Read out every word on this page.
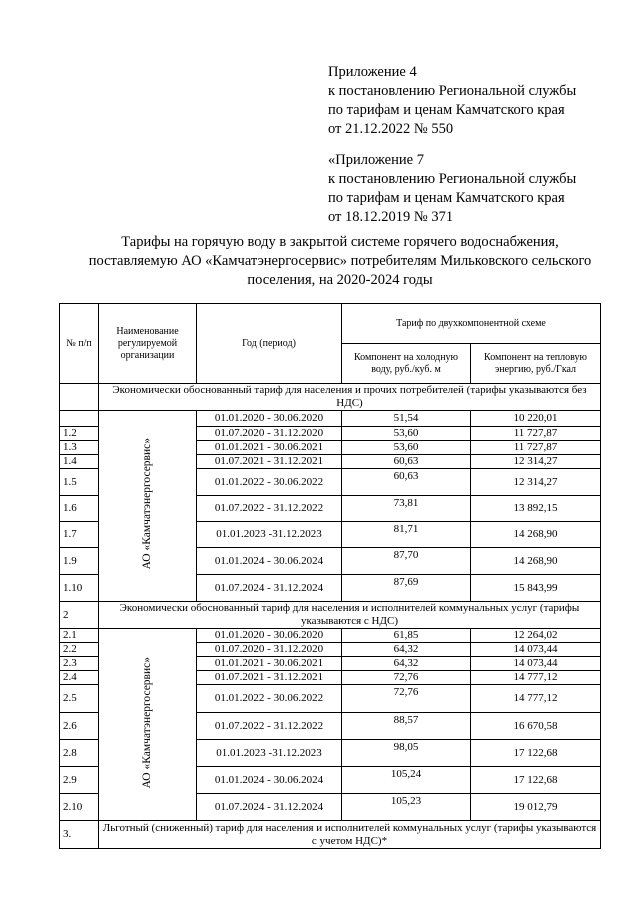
Приложение 4
к постановлению Региональной службы
по тарифам и ценам Камчатского края
от 21.12.2022 № 550
«Приложение 7
к постановлению Региональной службы
по тарифам и ценам Камчатского края
от 18.12.2019 № 371
Тарифы на горячую воду в закрытой системе горячего водоснабжения,
поставляемую АО «Камчатэнергосервис» потребителям Мильковского сельского
поселения, на 2020-2024 годы
№ п/п	Наименование регулируемой организации	Год (период)	Тариф по двухкомпонентной схеме	
			Компонент на холодную воду, руб./куб. м	Компонент на тепловую энергию, руб./Гкал
	Экономически обоснованный тариф для населения и прочих потребителей (тарифы указываются без НДС)			
	АО «Камчатэнергосервис»	01.01.2020 - 30.06.2020	51,54	10 220,01
1.2		01.07.2020 - 31.12.2020	53,60	11 727,87
1.3		01.01.2021 - 30.06.2021	53,60	11 727,87
1.4		01.07.2021 - 31.12.2021	60,63	12 314,27
1.5		01.01.2022 - 30.06.2022	60,63	12 314,27
1.6		01.07.2022 - 31.12.2022	73,81	13 892,15
1.7		01.01.2023 -31.12.2023	81,71	14 268,90
1.9		01.01.2024 - 30.06.2024	87,70	14 268,90
1.10		01.07.2024 - 31.12.2024	87,69	15 843,99
2	Экономически обоснованный тариф для населения и исполнителей коммунальных услуг (тарифы указываются с НДС)			
2.1	АО «Камчатэнергосервис»	01.01.2020 - 30.06.2020	61,85	12 264,02
2.2		01.07.2020 - 31.12.2020	64,32	14 073,44
2.3		01.01.2021 - 30.06.2021	64,32	14 073,44
2.4		01.07.2021 - 31.12.2021	72,76	14 777,12
2.5		01.01.2022 - 30.06.2022	72,76	14 777,12
2.6		01.07.2022 - 31.12.2022	88,57	16 670,58
2.8		01.01.2023 -31.12.2023	98,05	17 122,68
2.9		01.01.2024 - 30.06.2024	105,24	17 122,68
2.10		01.07.2024 - 31.12.2024	105,23	19 012,79
3.	Льготный (сниженный) тариф для населения и исполнителей коммунальных услуг (тарифы указываются с учетом НДС)*			
